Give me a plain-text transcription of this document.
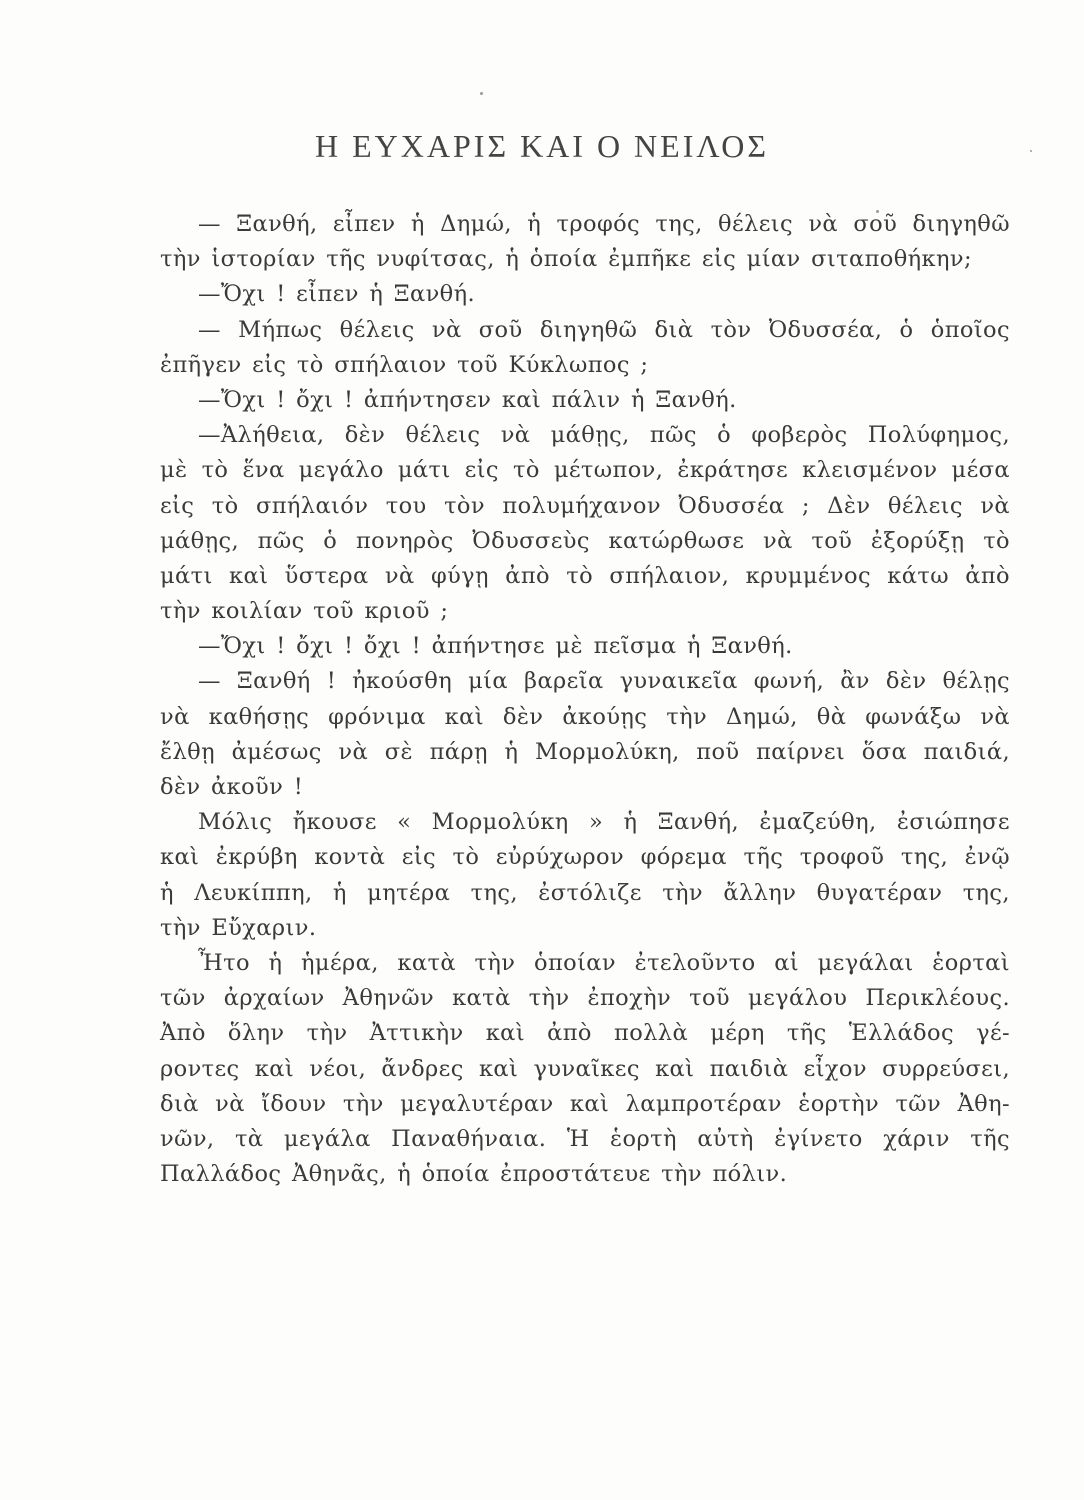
Η ΕΥΧΑΡΙΣ ΚΑΙ Ο ΝΕΙΛΟΣ
— Ξανθή, εἶπεν ἡ Δημώ, ἡ τροφός της, θέλεις νὰ σοῦ διηγηθῶ
τὴν ἱστορίαν τῆς νυφίτσας, ἡ ὁποία ἐμπῆκε εἰς μίαν σιταποθήκην;
—Ὄχι ! εἶπεν ἡ Ξανθή.
— Μήπως θέλεις νὰ σοῦ διηγηθῶ διὰ τὸν Ὀδυσσέα, ὁ ὁποῖος
ἐπῆγεν εἰς τὸ σπήλαιον τοῦ Κύκλωπος ;
—Ὄχι ! ὄχι ! ἀπήντησεν καὶ πάλιν ἡ Ξανθή.
—Ἀλήθεια, δὲν θέλεις νὰ μάθῃς, πῶς ὁ φοβερὸς Πολύφημος,
μὲ τὸ ἕνα μεγάλο μάτι εἰς τὸ μέτωπον, ἐκράτησε κλεισμένον μέσα
εἰς τὸ σπήλαιόν του τὸν πολυμήχανον Ὀδυσσέα ; Δὲν θέλεις νὰ
μάθῃς, πῶς ὁ πονηρὸς Ὀδυσσεὺς κατώρθωσε νὰ τοῦ ἐξορύξῃ τὸ
μάτι καὶ ὕστερα νὰ φύγῃ ἀπὸ τὸ σπήλαιον, κρυμμένος κάτω ἀπὸ
τὴν κοιλίαν τοῦ κριοῦ ;
—Ὄχι ! ὄχι ! ὄχι ! ἀπήντησε μὲ πεῖσμα ἡ Ξανθή.
— Ξανθή ! ἠκούσθη μία βαρεῖα γυναικεῖα φωνή, ἂν δὲν θέλῃς
νὰ καθήσῃς φρόνιμα καὶ δὲν ἀκούῃς τὴν Δημώ, θὰ φωνάξω νὰ
ἔλθῃ ἀμέσως νὰ σὲ πάρῃ ἡ Μορμολύκη, ποῦ παίρνει ὅσα παιδιά,
δὲν ἀκοῦν !
Μόλις ἤκουσε « Μορμολύκη » ἡ Ξανθή, ἐμαζεύθη, ἐσιώπησε
καὶ ἐκρύβη κοντὰ εἰς τὸ εὐρύχωρον φόρεμα τῆς τροφοῦ της, ἐνῷ
ἡ Λευκίππη, ἡ μητέρα της, ἐστόλιζε τὴν ἄλλην θυγατέραν της,
τὴν Εὔχαριν.
Ἦτο ἡ ἡμέρα, κατὰ τὴν ὁποίαν ἐτελοῦντο αἱ μεγάλαι ἑορταὶ
τῶν ἀρχαίων Ἀθηνῶν κατὰ τὴν ἐποχὴν τοῦ μεγάλου Περικλέους.
Ἀπὸ ὅλην τὴν Ἀττικὴν καὶ ἀπὸ πολλὰ μέρη τῆς Ἑλλάδος γέ-
ροντες καὶ νέοι, ἄνδρες καὶ γυναῖκες καὶ παιδιὰ εἶχον συρρεύσει,
διὰ νὰ ἴδουν τὴν μεγαλυτέραν καὶ λαμπροτέραν ἑορτὴν τῶν Ἀθη-
νῶν, τὰ μεγάλα Παναθήναια. Ἡ ἑορτὴ αὐτὴ ἐγίνετο χάριν τῆς
Παλλάδος Ἀθηνᾶς, ἡ ὁποία ἐπροστάτευε τὴν πόλιν.
